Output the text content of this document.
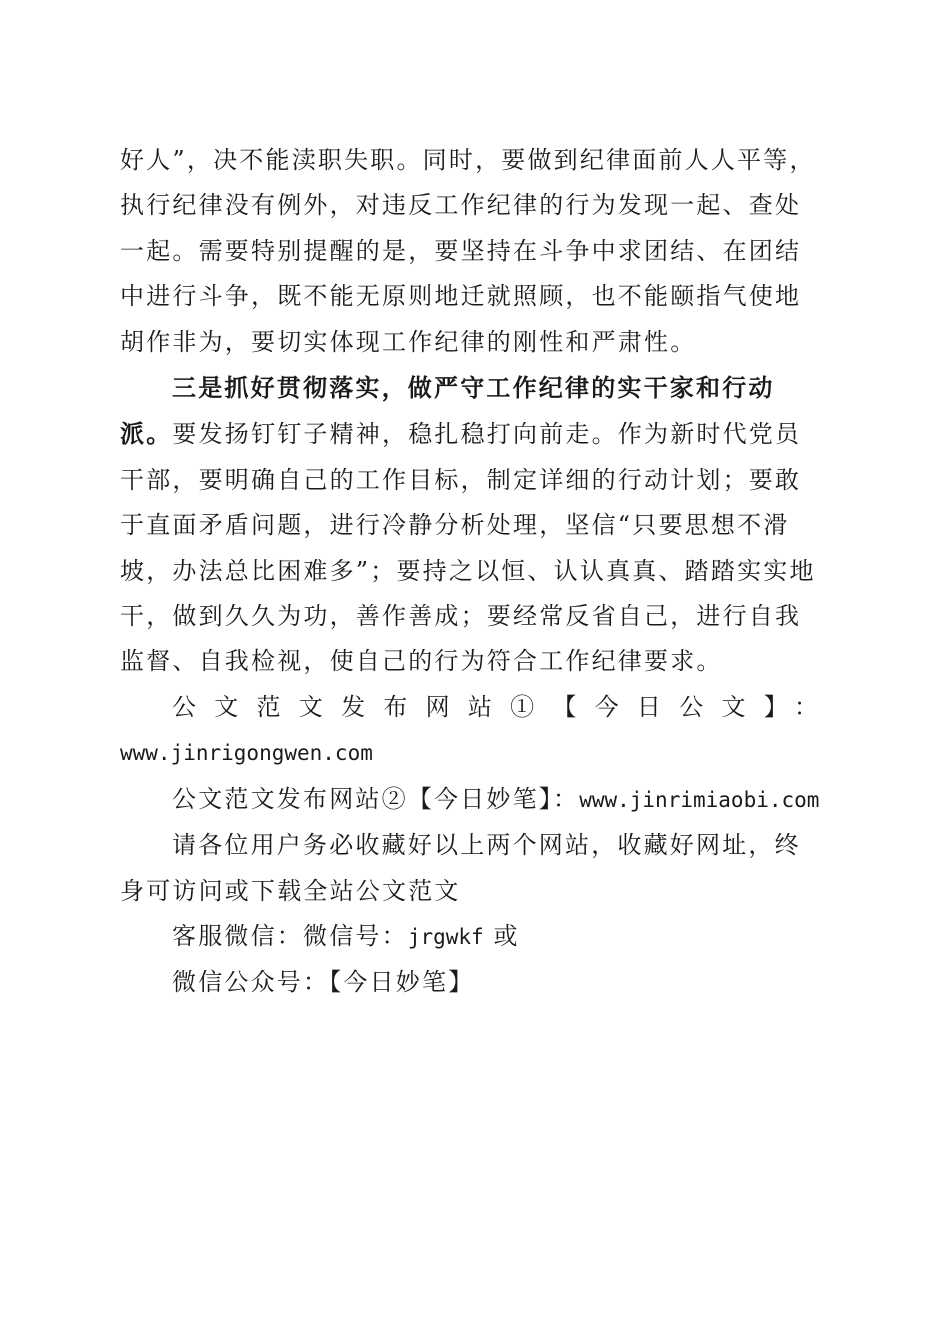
好人”，决不能渎职失职。同时，要做到纪律面前人人平等，执行纪律没有例外，对违反工作纪律的行为发现一起、查处一起。需要特别提醒的是，要坚持在斗争中求团结、在团结中进行斗争，既不能无原则地迁就照顾，也不能颐指气使地胡作非为，要切实体现工作纪律的刚性和严肃性。

三是抓好贯彻落实，做严守工作纪律的实干家和行动派。要发扬钉钉子精神，稳扎稳打向前走。作为新时代党员干部，要明确自己的工作目标，制定详细的行动计划；要敢于直面矛盾问题，进行冷静分析处理，坚信“只要思想不滑坡，办法总比困难多”；要持之以恒、认认真真、踏踏实实地干，做到久久为功，善作善成；要经常反省自己，进行自我监督、自我检视，使自己的行为符合工作纪律要求。

公文范文发布网站①【今日公文】：

www.jinrigongwen.com

公文范文发布网站②【今日妙笔】：www.jinrimiaobi.com

请各位用户务必收藏好以上两个网站，收藏好网址，终身可访问或下载全站公文范文

客服微信：微信号：jrgwkf 或

微信公众号：【今日妙笔】
